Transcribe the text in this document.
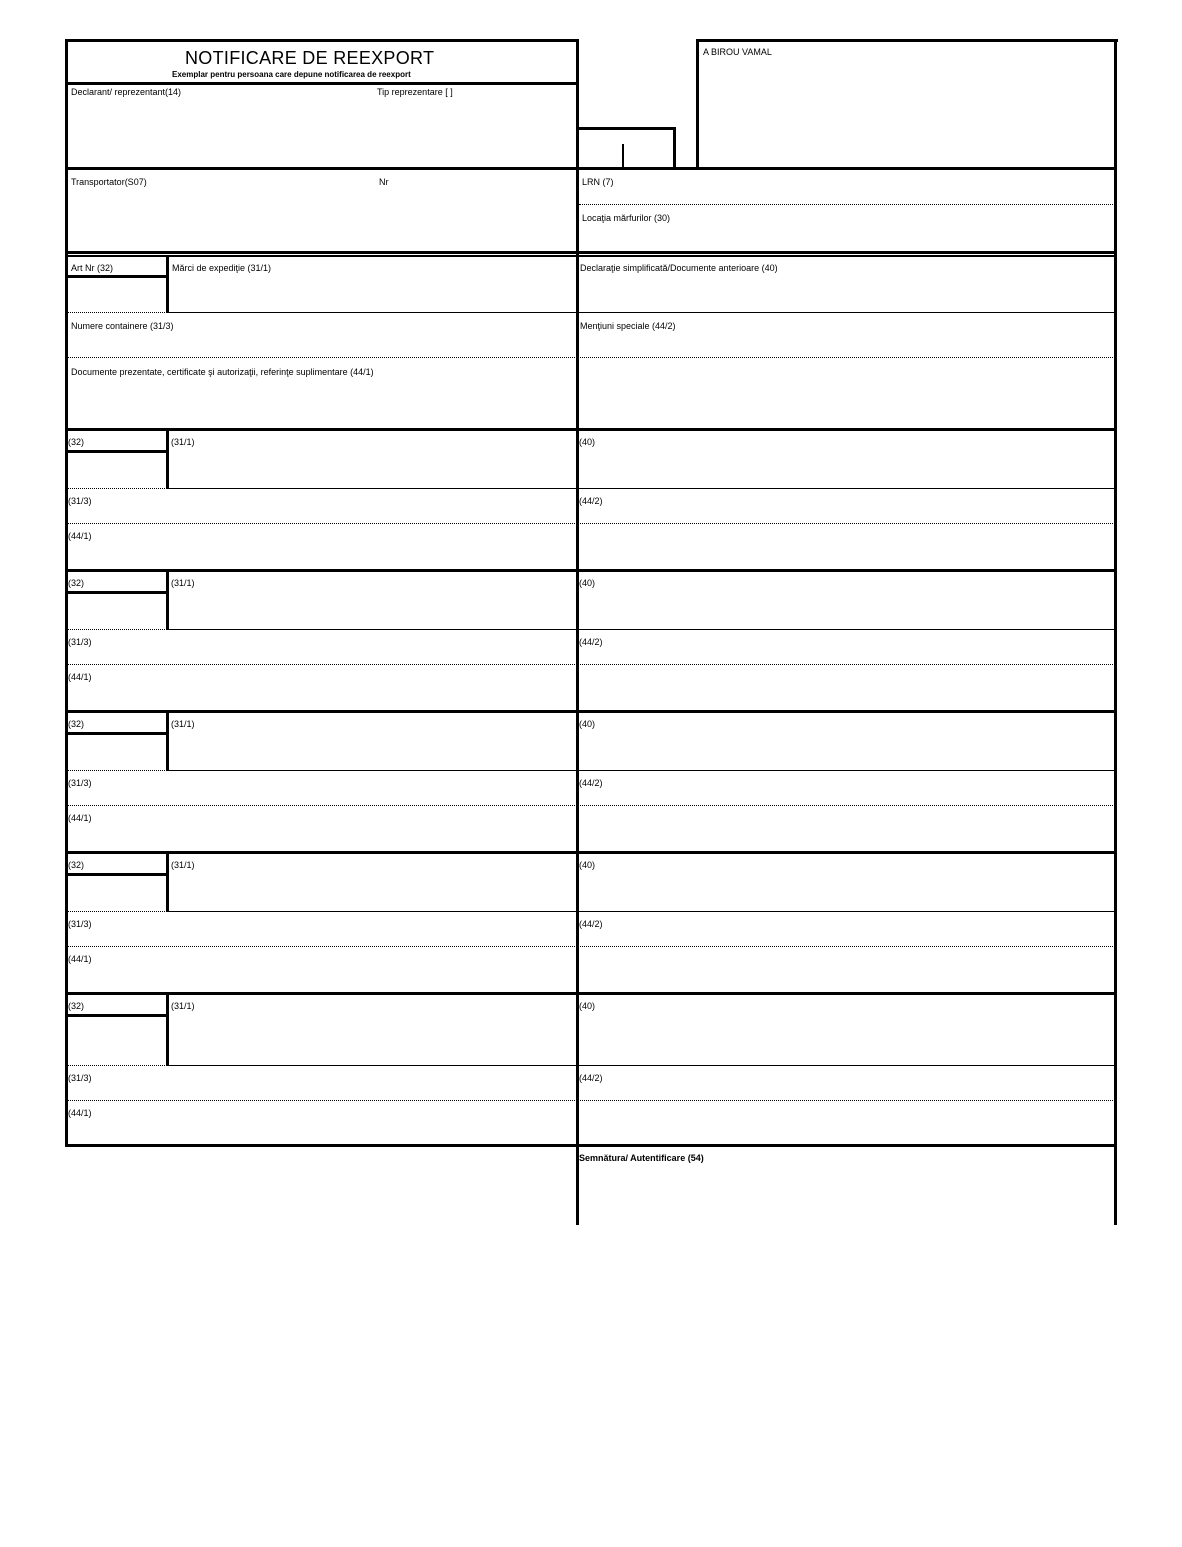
NOTIFICARE DE REEXPORT
Exemplar pentru persoana care depune notificarea de reexport
Declarant/ reprezentant(14)	Tip reprezentare [ ]
A BIROU VAMAL
Transportator(S07)	Nr	LRN (7)
Locaţia mărfurilor (30)
Art Nr (32)	Mărci de expediţie (31/1)	Declaraţie simplificată/Documente anterioare (40)
Numere containere (31/3)	Menţiuni speciale (44/2)
Documente prezentate, certificate şi autorizaţii, referinţe suplimentare (44/1)
(32)	(31/1)	(40)
(31/3)	(44/2)
(44/1)
(32)	(31/1)	(40)
(31/3)	(44/2)
(44/1)
(32)	(31/1)	(40)
(31/3)	(44/2)
(44/1)
(32)	(31/1)	(40)
(31/3)	(44/2)
(44/1)
(32)	(31/1)	(40)
(31/3)	(44/2)
(44/1)
Semnătura/ Autentificare (54)
